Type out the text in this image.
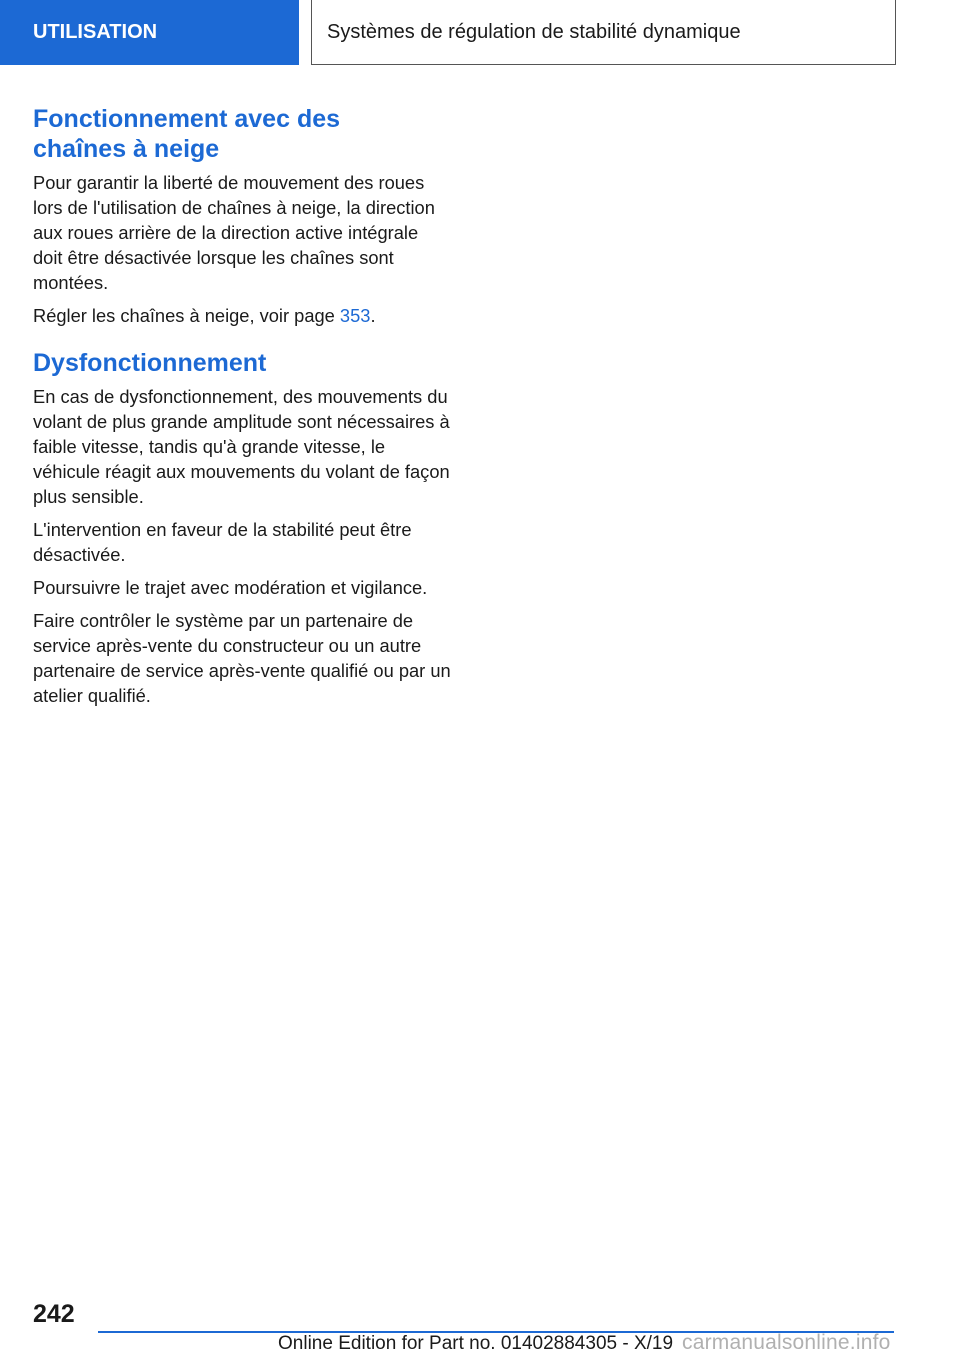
UTILISATION	Systèmes de régulation de stabilité dynamique
Fonctionnement avec des
chaînes à neige

Pour garantir la liberté de mouvement des roues lors de l'utilisation de chaînes à neige, la direction aux roues arrière de la direction active intégrale doit être désactivée lorsque les chaînes sont montées.

Régler les chaînes à neige, voir page 353.

Dysfonctionnement

En cas de dysfonctionnement, des mouvements du volant de plus grande amplitude sont nécessaires à faible vitesse, tandis qu'à grande vitesse, le véhicule réagit aux mouvements du volant de façon plus sensible.

L'intervention en faveur de la stabilité peut être désactivée.

Poursuivre le trajet avec modération et vigilance.

Faire contrôler le système par un partenaire de service après-vente du constructeur ou un autre partenaire de service après-vente qualifié ou par un atelier qualifié.

242
Online Edition for Part no. 01402884305 - X/19 carmanualsonline.info
